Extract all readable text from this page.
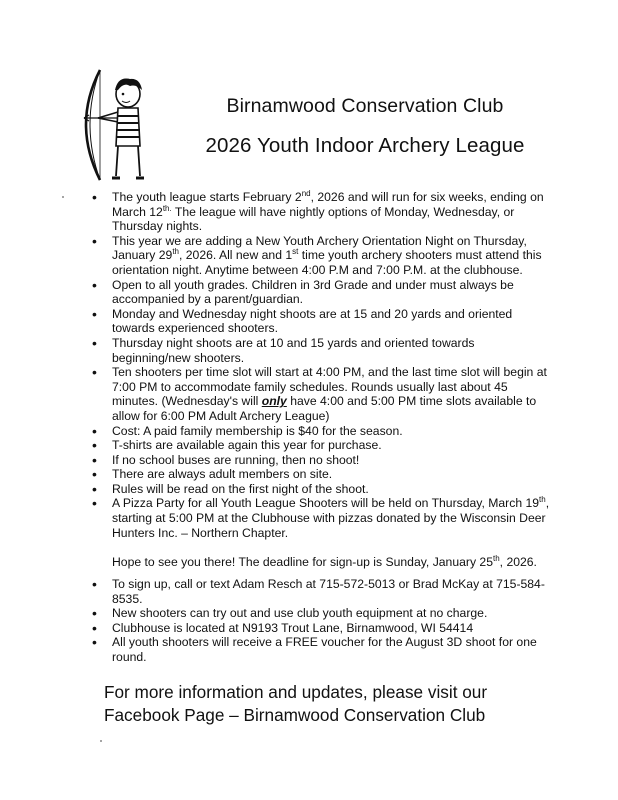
Birnamwood Conservation Club
2026 Youth Indoor Archery League
• The youth league starts February 2nd, 2026 and will run for six weeks, ending on March $12^{th.}$ The league will have nightly options of Monday, Wednesday, or Thursday nights.
• This year we are adding a New Youth Archery Orientation Night on Thursday, January 29th, 2026. All new and 1st time youth archery shooters must attend this orientation night. Anytime between 4:00 P.M and 7:00 P.M. at the clubhouse.
• Open to all youth grades. Children in 3rd Grade and under must always be accompanied by a parent/guardian.
• Monday and Wednesday night shoots are at 15 and 20 yards and oriented towards experienced shooters.
• Thursday night shoots are at 10 and 15 yards and oriented towards beginning/new shooters.
• Ten shooters per time slot will start at 4:00 PM, and the last time slot will begin at 7:00 PM to accommodate family schedules. Rounds usually last about 45 minutes. (Wednesday's will only have 4:00 and 5:00 PM time slots available to allow for 6:00 PM Adult Archery League)
• Cost: A paid family membership is $40 for the season.
• T-shirts are available again this year for purchase.
• If no school buses are running, then no shoot!
• There are always adult members on site.
• Rules will be read on the first night of the shoot.
• A Pizza Party for all Youth League Shooters will be held on Thursday, March 19th, starting at 5:00 PM at the Clubhouse with pizzas donated by the Wisconsin Deer Hunters Inc. – Northern Chapter.
Hope to see you there! The deadline for sign-up is Sunday, January 25th, 2026.
• To sign up, call or text Adam Resch at 715-572-5013 or Brad McKay at 715-584-8535.
• New shooters can try out and use club youth equipment at no charge.
• Clubhouse is located at N9193 Trout Lane, Birnamwood, WI 54414
• All youth shooters will receive a FREE voucher for the August 3D shoot for one round.
For more information and updates, please visit our
Facebook Page – Birnamwood Conservation Club
